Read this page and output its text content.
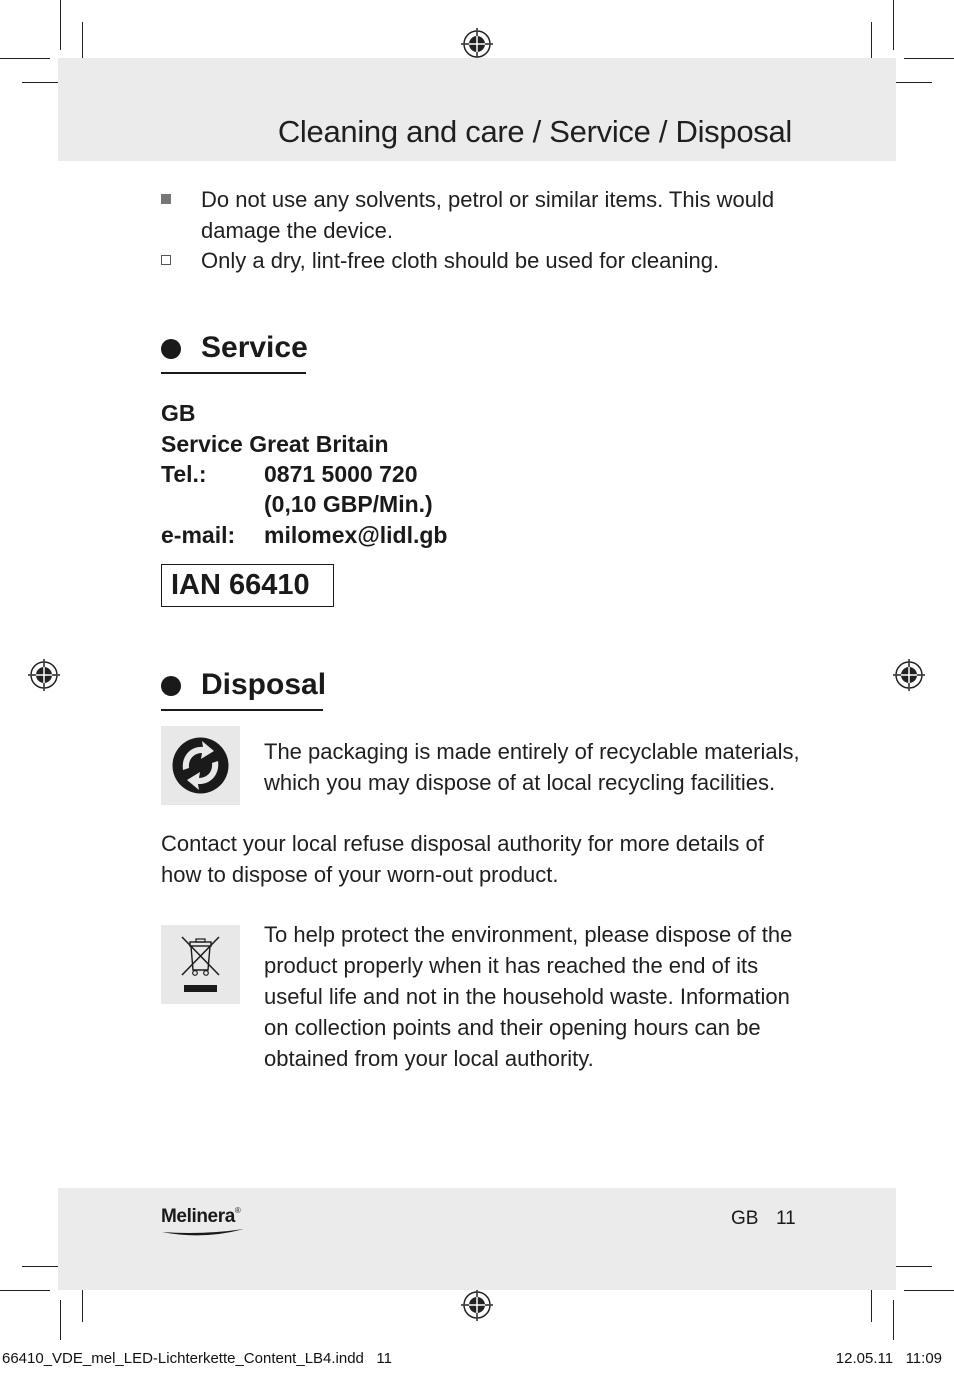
Cleaning and care / Service / Disposal
Do not use any solvents, petrol or similar items. This would damage the device.
Only a dry, lint-free cloth should be used for cleaning.
Service
GB
Service Great Britain
Tel.: 0871 5000 720
(0,10 GBP/Min.)
e-mail: milomex@lidl.gb
IAN 66410
Disposal
The packaging is made entirely of recyclable materials, which you may dispose of at local recycling facilities.
Contact your local refuse disposal authority for more details of how to dispose of your worn-out product.
To help protect the environment, please dispose of the product properly when it has reached the end of its useful life and not in the household waste. Information on collection points and their opening hours can be obtained from your local authority.
Melinera®	GB 11
66410_VDE_mel_LED-Lichterkette_Content_LB4.indd   11	12.05.11   11:09
